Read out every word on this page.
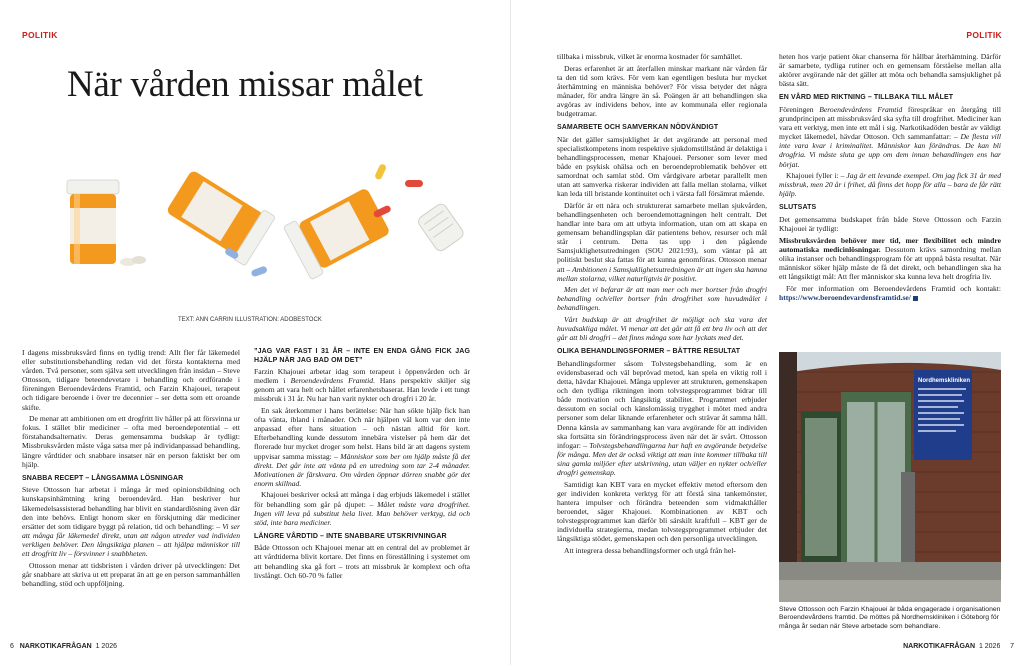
POLITIK	POLITIK
När vården missar målet
TEXT: ANN CARRIN ILLUSTRATION: ADOBESTOCK

I dagens missbruksvård finns en tydlig trend: Allt fler får läkemedel eller substitutionsbehandling redan vid det första kontakterna med vården. Två personer, som själva sett utvecklingen från insidan – Steve Ottosson, tidigare beteendevetare i behandling och ordförande i föreningen Beroendevårdens Framtid, och Farzin Khajouei, terapeut och tidigare beroende i över tre decennier – ser detta som ett oroande skifte.

De menar att ambitionen om ett drogfritt liv håller på att försvinna ur fokus. I stället blir mediciner – ofta med beroendepotential – ett förstahandsalternativ. Deras gemensamma budskap är tydligt: Missbruksvården måste våga satsa mer på individanpassad behandling, längre vårdtider och snabbare insatser när en person faktiskt ber om hjälp.

SNABBA RECEPT – LÅNGSAMMA LÖSNINGAR

Steve Ottosson har arbetat i många år med opinionsbildning och kunskapsinhämtning kring beroendevård. Han beskriver hur läkemedelsassisterad behandling har blivit en standardlösning även där den inte behövs. Enligt honom sker en förskjutning där mediciner ersätter det som tidigare byggt på relation, tid och behandling: – Vi ser att många får läkemedel direkt, utan att någon utreder vad individen verkligen behöver. Den långsiktiga planen – att hjälpa människor till ett drogfritt liv – försvinner i snabbheten.

Ottosson menar att tidsbristen i vården driver på utvecklingen: Det går snabbare att skriva ut ett preparat än att ge en person sammanhållen behandling, stöd och uppföljning.

”JAG VAR FAST I 31 ÅR – INTE EN ENDA GÅNG FICK JAG HJÄLP NÄR JAG BAD OM DET”

Farzin Khajouei arbetar idag som terapeut i öppenvården och är medlem i Beroendevårdens Framtid. Hans perspektiv skiljer sig genom att vara helt och hållet erfarenhetsbaserat. Han levde i ett tungt missbruk i 31 år. Nu har han varit nykter och drogfri i 20 år.

En sak återkommer i hans berättelse: När han sökte hjälp fick han ofta vänta, ibland i månader. Och när hjälpen väl kom var den inte anpassad efter hans situation – och nästan alltid för kort. Efterbehandling kunde dessutom innebära vistelser på hem där det florerade hur mycket droger som helst. Hans bild är att dagens system uppvisar samma misstag: – Människor som ber om hjälp måste få det direkt. Det går inte att vänta på en utredning som tar 2-4 månader. Motivationen är färskvara. Om vården öppnar dörren snabbt gör det enorm skillnad.

Khajouei beskriver också att många i dag erbjuds läkemedel i stället för behandling som går på djupet: – Målet måste vara drogfrihet. Ingen vill leva på substitut hela livet. Man behöver verktyg, tid och stöd, inte bara mediciner.

LÄNGRE VÅRDTID – INTE SNABBARE UTSKRIVNINGAR

Både Ottosson och Khajouei menar att en central del av problemet är att vårdtiderna blivit kortare. Det finns en föreställning i systemet om att behandling ska gå fort – trots att missbruk är komplext och ofta livslångt. Och 60-70 % faller

tillbaka i missbruk, vilket är enorma kostnader för samhället.

Deras erfarenhet är att återfallen minskar markant när vården får ta den tid som krävs. För vem kan egentligen besluta hur mycket återhämtning en människa behöver? För vissa betyder det några månader, för andra längre än så. Poängen är att behandlingen ska avgöras av individens behov, inte av kommunala eller regionala budgetramar.

SAMARBETE OCH SAMVERKAN NÖDVÄNDIGT

När det gäller samsjuklighet är det avgörande att personal med specialistkompetens inom respektive sjukdomstillstånd är delaktiga i behandlingsprocessen, menar Khajouei. Personer som lever med både en psykisk ohälsa och en beroendeproblematik behöver ett samordnat och samlat stöd. Om vårdgivare arbetar parallellt men utan att samverka riskerar individen att falla mellan stolarna, vilket kan leda till bristande kontinuitet och i värsta fall försämrat mående.

Därför är ett nära och strukturerat samarbete mellan sjukvården, behandlingsenheten och beroendemottagningen helt centralt. Det handlar inte bara om att utbyta information, utan om att skapa en gemensam behandlingsplan där patientens behov, resurser och mål står i centrum. Detta tas upp i den pågående Samsjuklighetsutredningen (SOU 2021:93), som väntar på att politiskt beslut ska fattas för att kunna genomföras. Ottosson menar att – Ambitionen i Samsjuklighetsutredningen är att ingen ska hamna mellan stolarna, vilket naturligtvis är positivt.

Men det vi befarar är att man mer och mer bortser från drogfri behandling och/eller bortser från drogfrihet som huvudmålet i behandlingen.

Vårt budskap är att drogfrihet är möjligt och ska vara det huvudsakliga målet. Vi menar att det går att få ett bra liv och att det går att bli drogfri – det finns många som har lyckats med det.

OLIKA BEHANDLINGSFORMER – BÄTTRE RESULTAT

Behandlingsformer såsom Tolvstegsbehandling, som är en evidensbaserad och väl beprövad metod, kan spela en viktig roll i detta, hävdar Khajouei. Många upplever att strukturen, gemenskapen och den tydliga riktningen inom tolvstegsprogrammet bidrar till både motivation och långsiktig stabilitet. Programmet erbjuder dessutom en social och känslomässig trygghet i mötet med andra personer som delar liknande erfarenheter och strävar åt samma håll. Denna känsla av sammanhang kan vara avgörande för att individen ska fortsätta sin förändringsprocess även när det är svårt. Ottosson infogar: – Tolvstegsbehandlingarna har haft en avgörande betydelse för många. Men det är också viktigt att man inte kommer tillbaka till sina gamla miljöer efter utskrivning, utan väljer en nykter och/eller drogfri gemenskap.

Samtidigt kan KBT vara en mycket effektiv metod eftersom den ger individen konkreta verktyg för att förstå sina tankemönster, hantera impulser och förändra beteenden som vidmakthåller beroendet, säger Khajouei. Kombinationen av KBT och tolvstegsprogrammet kan därför bli särskilt kraftfull – KBT ger de individuella strategierna, medan tolvstegsprogrammet erbjuder det långsiktiga stödet, gemenskapen och den personliga utvecklingen.

Att integrera dessa behandlingsformer och utgå från hel-

heten hos varje patient ökar chanserna för hållbar återhämtning. Därför är samarbete, tydliga rutiner och en gemensam förståelse mellan alla aktörer avgörande när det gäller att möta och behandla samsjuklighet på bästa sätt.

EN VÅRD MED RIKTNING – TILLBAKA TILL MÅLET

Föreningen Beroendevårdens Framtid förespråkar en återgång till grundprincipen att missbruksvård ska syfta till drogfrihet. Mediciner kan vara ett verktyg, men inte ett mål i sig. Narkotikadöden består av väldigt mycket läkemedel, hävdar Ottoson. Och sammanfattar: – De flesta vill inte vara kvar i kriminalitet. Människor kan förändras. De kan bli drogfria. Vi måste sluta ge upp om dem innan behandlingen ens har börjat.

Khajouei fyller i: – Jag är ett levande exempel. Om jag fick 31 år med missbruk, men 20 år i frihet, då finns det hopp för alla – bara de får rätt hjälp.

SLUTSATS

Det gemensamma budskapet från både Steve Ottosson och Farzin Khajouei är tydligt:

Missbruksvården behöver mer tid, mer flexibilitet och mindre automatiska medicinlösningar. Dessutom krävs samordning mellan olika instanser och behandlingsprogram för att uppnå bästa resultat. När människor söker hjälp måste de få det direkt, och behandlingen ska ha ett långsiktigt mål: Att fler människor ska kunna leva helt drogfria liv.

För mer information om Beroendevårdens Framtid och kontakt: https://www.beroendevardensframtid.se/

Nordhemskliniken
Steve Ottosson och Farzin Khajouei är båda engagerade i organisationen Beroendevårdens framtid. De möttes på Nordhemskliniken i Göteborg för många år sedan när Steve arbetade som behandlare.
6 NARKOTIKAFRÅGAN 1 2026	NARKOTIKAFRÅGAN 1 2026 7
